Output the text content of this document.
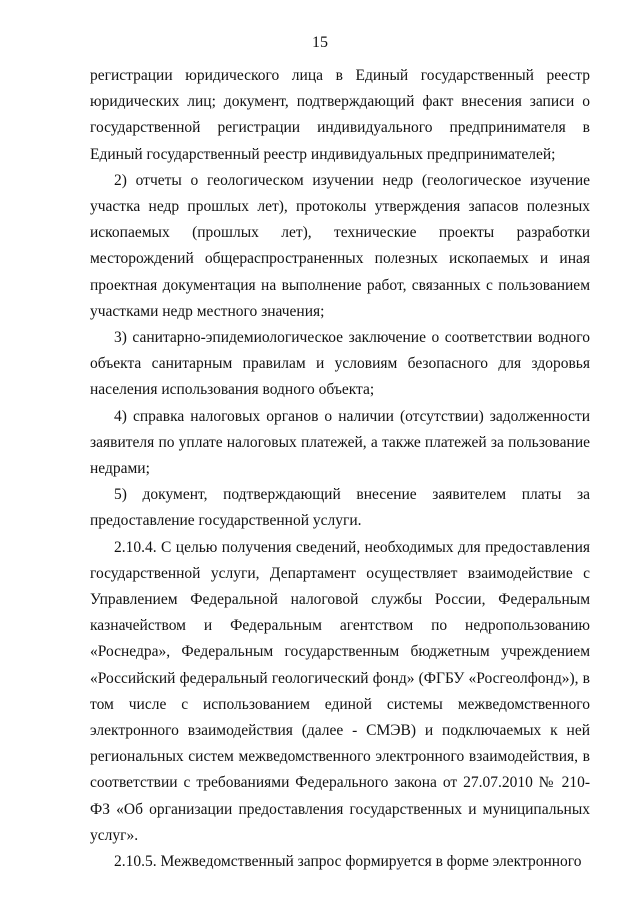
15

регистрации юридического лица в Единый государственный реестр юридических лиц; документ, подтверждающий факт внесения записи о государственной регистрации индивидуального предпринимателя в Единый государственный реестр индивидуальных предпринимателей;

2) отчеты о геологическом изучении недр (геологическое изучение участка недр прошлых лет), протоколы утверждения запасов полезных ископаемых (прошлых лет), технические проекты разработки месторождений общераспространенных полезных ископаемых и иная проектная документация на выполнение работ, связанных с пользованием участками недр местного значения;

3) санитарно-эпидемиологическое заключение о соответствии водного объекта санитарным правилам и условиям безопасного для здоровья населения использования водного объекта;

4) справка налоговых органов о наличии (отсутствии) задолженности заявителя по уплате налоговых платежей, а также платежей за пользование недрами;

5) документ, подтверждающий внесение заявителем платы за предоставление государственной услуги.

2.10.4. С целью получения сведений, необходимых для предоставления государственной услуги, Департамент осуществляет взаимодействие с Управлением Федеральной налоговой службы России, Федеральным казначейством и Федеральным агентством по недропользованию «Роснедра», Федеральным государственным бюджетным учреждением «Российский федеральный геологический фонд» (ФГБУ «Росгеолфонд»), в том числе с использованием единой системы межведомственного электронного взаимодействия (далее - СМЭВ) и подключаемых к ней региональных систем межведомственного электронного взаимодействия, в соответствии с требованиями Федерального закона от 27.07.2010 № 210-ФЗ «Об организации предоставления государственных и муниципальных услуг».

2.10.5. Межведомственный запрос формируется в форме электронного
